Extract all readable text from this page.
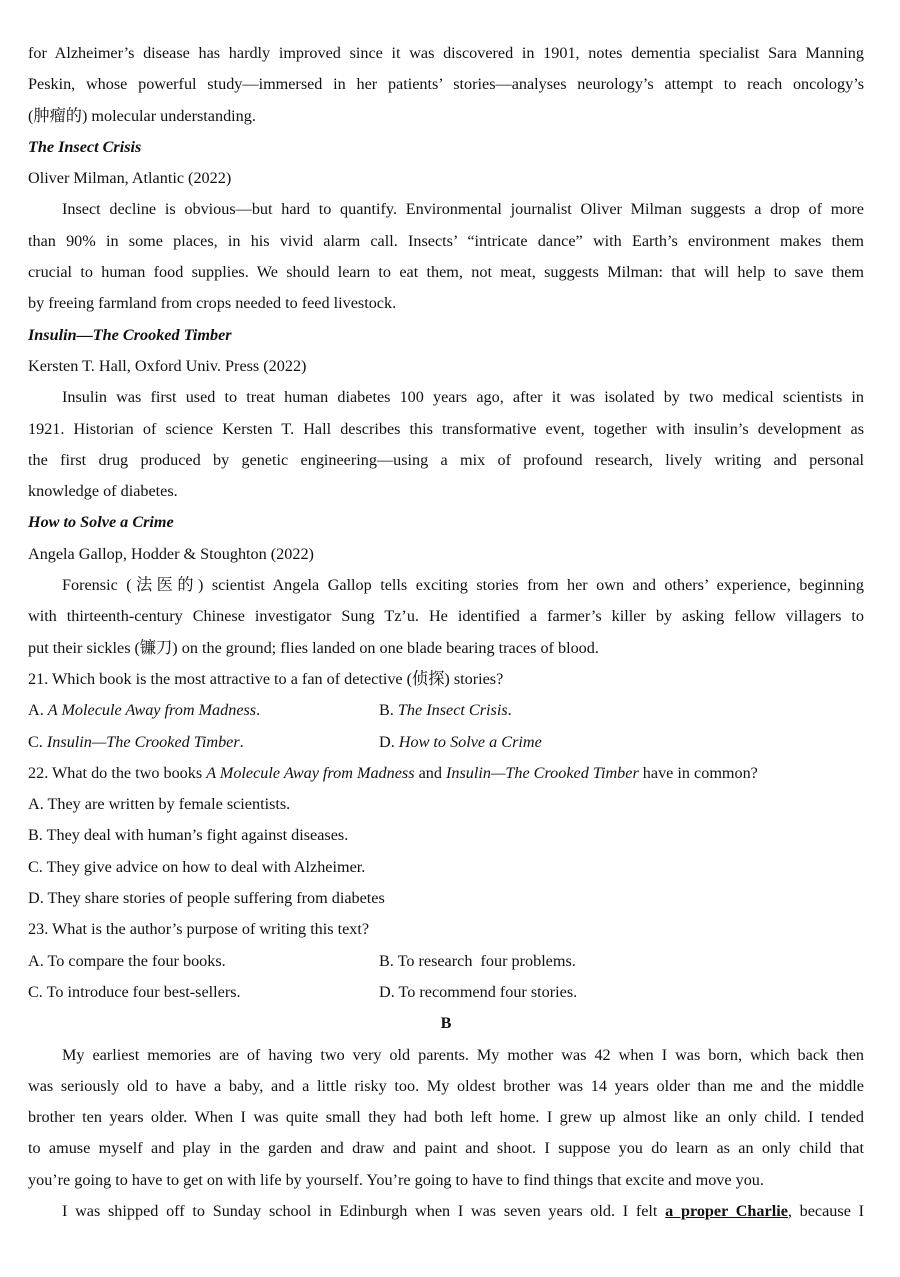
for Alzheimer’s disease has hardly improved since it was discovered in 1901, notes dementia specialist Sara Manning
Peskin, whose powerful study—immersed in her patients’ stories—analyses neurology’s attempt to reach oncology’s
(肿瘤的) molecular understanding.
The Insect Crisis
Oliver Milman, Atlantic (2022)
Insect decline is obvious—but hard to quantify. Environmental journalist Oliver Milman suggests a drop of more
than 90% in some places, in his vivid alarm call. Insects’ “intricate dance” with Earth’s environment makes them
crucial to human food supplies. We should learn to eat them, not meat, suggests Milman: that will help to save them
by freeing farmland from crops needed to feed livestock.
Insulin—The Crooked Timber
Kersten T. Hall, Oxford Univ. Press (2022)
Insulin was first used to treat human diabetes 100 years ago, after it was isolated by two medical scientists in
1921. Historian of science Kersten T. Hall describes this transformative event, together with insulin’s development as
the first drug produced by genetic engineering—using a mix of profound research, lively writing and personal
knowledge of diabetes.
How to Solve a Crime
Angela Gallop, Hodder & Stoughton (2022)
Forensic (法医的) scientist Angela Gallop tells exciting stories from her own and others’ experience, beginning
with thirteenth-century Chinese investigator Sung Tz’u. He identified a farmer’s killer by asking fellow villagers to
put their sickles (镰刀) on the ground; flies landed on one blade bearing traces of blood.
21. Which book is the most attractive to a fan of detective (侦探) stories?
A. A Molecule Away from Madness.	B. The Insect Crisis.
C. Insulin—The Crooked Timber.	D. How to Solve a Crime
22. What do the two books A Molecule Away from Madness and Insulin—The Crooked Timber have in common?
A. They are written by female scientists.
B. They deal with human’s fight against diseases.
C. They give advice on how to deal with Alzheimer.
D. They share stories of people suffering from diabetes
23. What is the author’s purpose of writing this text?
A. To compare the four books.	B. To research  four problems.
C. To introduce four best-sellers.	D. To recommend four stories.
B
My earliest memories are of having two very old parents. My mother was 42 when I was born, which back then
was seriously old to have a baby, and a little risky too. My oldest brother was 14 years older than me and the middle
brother ten years older. When I was quite small they had both left home. I grew up almost like an only child. I tended
to amuse myself and play in the garden and draw and paint and shoot. I suppose you do learn as an only child that
you’re going to have to get on with life by yourself. You’re going to have to find things that excite and move you.
I was shipped off to Sunday school in Edinburgh when I was seven years old. I felt a proper Charlie, because I
